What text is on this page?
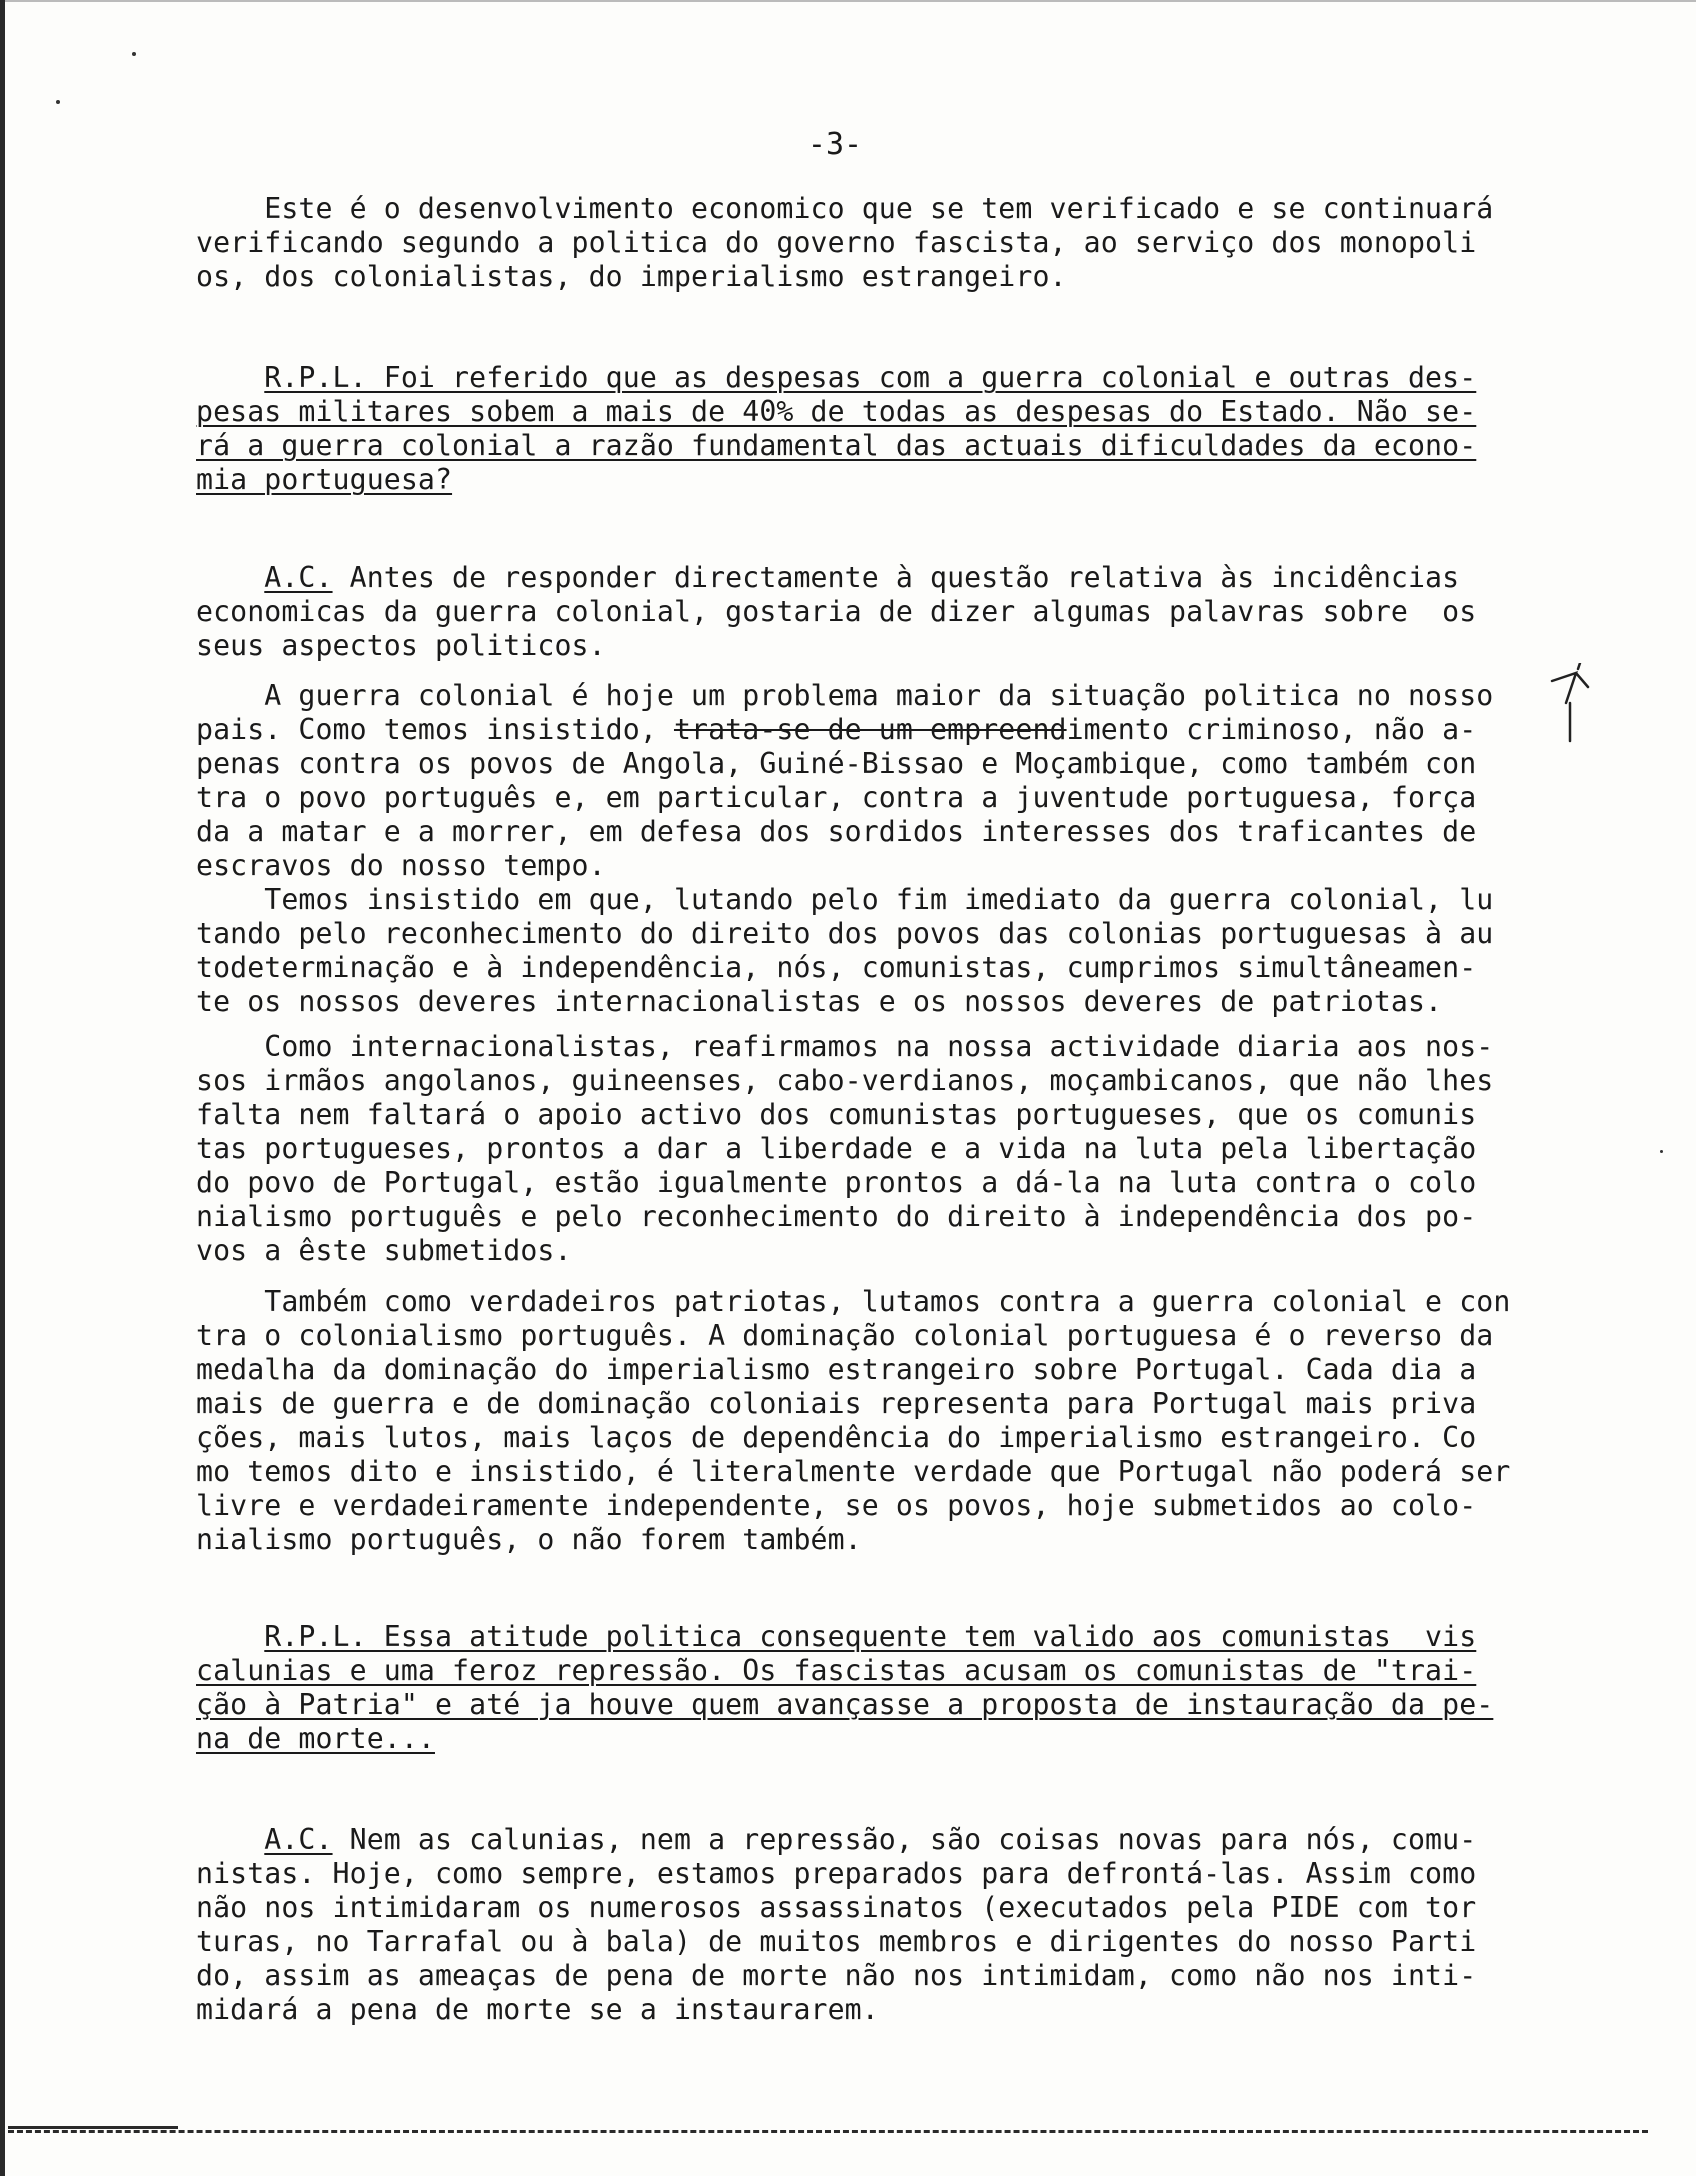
-3-
Este é o desenvolvimento economico que se tem verificado e se continuará
verificando segundo a politica do governo fascista, ao serviço dos monopoli
os, dos colonialistas, do imperialismo estrangeiro.
R.P.L. Foi referido que as despesas com a guerra colonial e outras des-
pesas militares sobem a mais de 40% de todas as despesas do Estado. Não se-
rá a guerra colonial a razão fundamental das actuais dificuldades da econo-
mia portuguesa?
A.C. Antes de responder directamente à questão relativa às incidências
economicas da guerra colonial, gostaria de dizer algumas palavras sobre  os
seus aspectos politicos.
A guerra colonial é hoje um problema maior da situação politica no nosso
pais. Como temos insistido, trata-se de um empreendimento criminoso, não a-
penas contra os povos de Angola, Guiné-Bissao e Moçambique, como também con
tra o povo português e, em particular, contra a juventude portuguesa, força
da a matar e a morrer, em defesa dos sordidos interesses dos traficantes de
escravos do nosso tempo.
Temos insistido em que, lutando pelo fim imediato da guerra colonial, lu
tando pelo reconhecimento do direito dos povos das colonias portuguesas à au
todeterminação e à independência, nós, comunistas, cumprimos simultâneamen-
te os nossos deveres internacionalistas e os nossos deveres de patriotas.
Como internacionalistas, reafirmamos na nossa actividade diaria aos nos-
sos irmãos angolanos, guineenses, cabo-verdianos, moçambicanos, que não lhes
falta nem faltará o apoio activo dos comunistas portugueses, que os comunis
tas portugueses, prontos a dar a liberdade e a vida na luta pela libertação
do povo de Portugal, estão igualmente prontos a dá-la na luta contra o colo
nialismo português e pelo reconhecimento do direito à independência dos po-
vos a êste submetidos.
Também como verdadeiros patriotas, lutamos contra a guerra colonial e con
tra o colonialismo português. A dominação colonial portuguesa é o reverso da
medalha da dominação do imperialismo estrangeiro sobre Portugal. Cada dia a
mais de guerra e de dominação coloniais representa para Portugal mais priva
ções, mais lutos, mais laços de dependência do imperialismo estrangeiro. Co
mo temos dito e insistido, é literalmente verdade que Portugal não poderá ser
livre e verdadeiramente independente, se os povos, hoje submetidos ao colo-
nialismo português, o não forem também.
R.P.L. Essa atitude politica consequente tem valido aos comunistas  vis
calunias e uma feroz repressão. Os fascistas acusam os comunistas de "trai-
ção à Patria" e até ja houve quem avançasse a proposta de instauração da pe-
na de morte...
A.C. Nem as calunias, nem a repressão, são coisas novas para nós, comu-
nistas. Hoje, como sempre, estamos preparados para defrontá-las. Assim como
não nos intimidaram os numerosos assassinatos (executados pela PIDE com tor
turas, no Tarrafal ou à bala) de muitos membros e dirigentes do nosso Parti
do, assim as ameaças de pena de morte não nos intimidam, como não nos inti-
midará a pena de morte se a instaurarem.
